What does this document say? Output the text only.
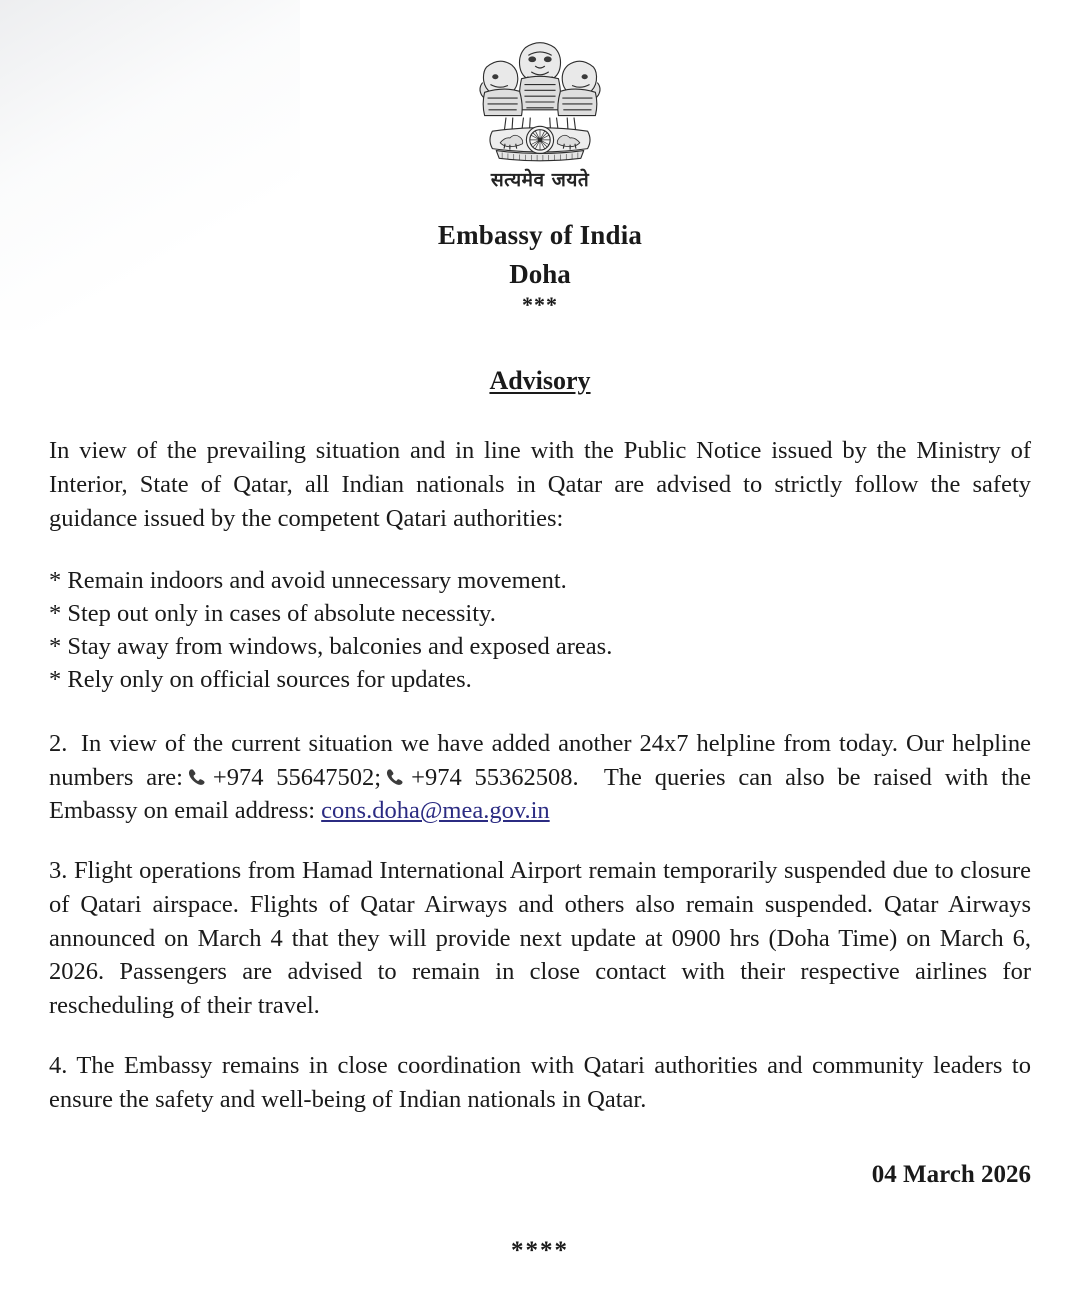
सत्यमेव जयते
Embassy of India
Doha
***
Advisory

In view of the prevailing situation and in line with the Public Notice issued by the Ministry of Interior, State of Qatar, all Indian nationals in Qatar are advised to strictly follow the safety guidance issued by the competent Qatari authorities:

* Remain indoors and avoid unnecessary movement.
* Step out only in cases of absolute necessity.
* Stay away from windows, balconies and exposed areas.
* Rely only on official sources for updates.

2. In view of the current situation we have added another 24x7 helpline from today. Our helpline numbers are: +974 55647502; +974 55362508. The queries can also be raised with the Embassy on email address: cons.doha@mea.gov.in

3. Flight operations from Hamad International Airport remain temporarily suspended due to closure of Qatari airspace. Flights of Qatar Airways and others also remain suspended. Qatar Airways announced on March 4 that they will provide next update at 0900 hrs (Doha Time) on March 6, 2026. Passengers are advised to remain in close contact with their respective airlines for rescheduling of their travel.

4. The Embassy remains in close coordination with Qatari authorities and community leaders to ensure the safety and well-being of Indian nationals in Qatar.

04 March 2026
****
